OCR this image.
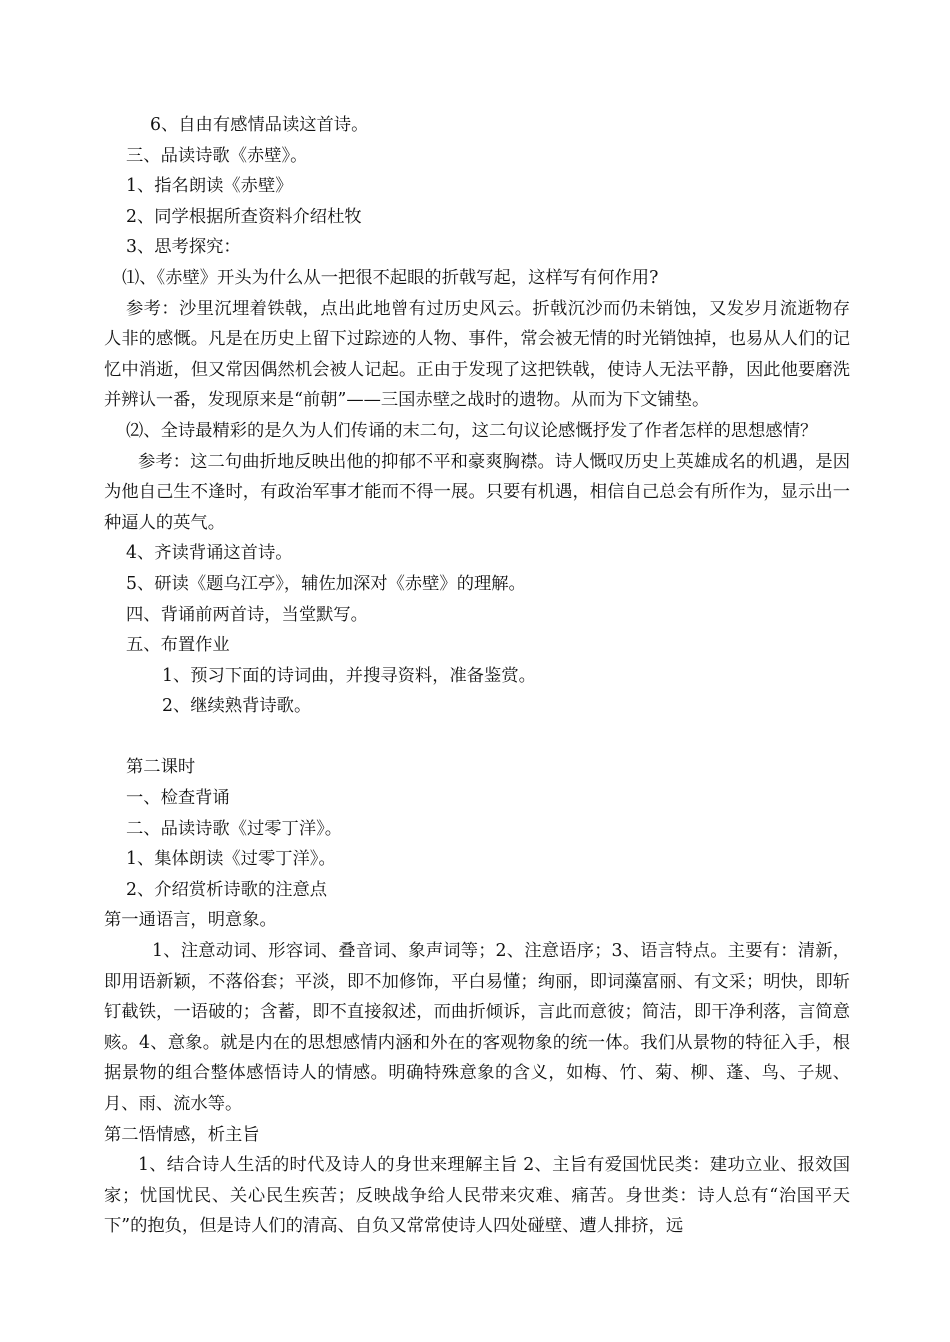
6、自由有感情品读这首诗。

三、品读诗歌《赤壁》。

1、指名朗读《赤壁》

2、同学根据所查资料介绍杜牧

3、思考探究：

⑴、《赤壁》开头为什么从一把很不起眼的折戟写起，这样写有何作用?

参考：沙里沉埋着铁戟，点出此地曾有过历史风云。折戟沉沙而仍未销蚀，又发岁月流逝物存人非的感慨。凡是在历史上留下过踪迹的人物、事件，常会被无情的时光销蚀掉，也易从人们的记忆中消逝，但又常因偶然机会被人记起。正由于发现了这把铁戟，使诗人无法平静，因此他要磨洗并辨认一番，发现原来是“前朝”——三国赤壁之战时的遗物。从而为下文铺垫。

⑵、全诗最精彩的是久为人们传诵的末二句，这二句议论感慨抒发了作者怎样的思想感情？

参考：这二句曲折地反映出他的抑郁不平和豪爽胸襟。诗人慨叹历史上英雄成名的机遇，是因为他自己生不逢时，有政治军事才能而不得一展。只要有机遇，相信自己总会有所作为，显示出一种逼人的英气。

4、齐读背诵这首诗。

5、研读《题乌江亭》，辅佐加深对《赤壁》的理解。

四、背诵前两首诗，当堂默写。

五、布置作业

1、预习下面的诗词曲，并搜寻资料，准备鉴赏。

2、继续熟背诗歌。

第二课时

一、检查背诵

二、品读诗歌《过零丁洋》。

1、集体朗读《过零丁洋》。

2、介绍赏析诗歌的注意点

第一通语言，明意象。

1、注意动词、形容词、叠音词、象声词等；2、注意语序；3、语言特点。主要有：清新，即用语新颖，不落俗套；平淡，即不加修饰，平白易懂；绚丽，即词藻富丽、有文采；明快，即斩钉截铁，一语破的；含蓄，即不直接叙述，而曲折倾诉，言此而意彼；简洁，即干净利落，言简意赅。4、意象。就是内在的思想感情内涵和外在的客观物象的统一体。我们从景物的特征入手，根据景物的组合整体感悟诗人的情感。明确特殊意象的含义，如梅、竹、菊、柳、蓬、鸟、子规、月、雨、流水等。

第二悟情感，析主旨

1、结合诗人生活的时代及诗人的身世来理解主旨 2、主旨有爱国忧民类：建功立业、报效国家；忧国忧民、关心民生疾苦；反映战争给人民带来灾难、痛苦。身世类：诗人总有“治国平天下”的抱负，但是诗人们的清高、自负又常常使诗人四处碰壁、遭人排挤，远
